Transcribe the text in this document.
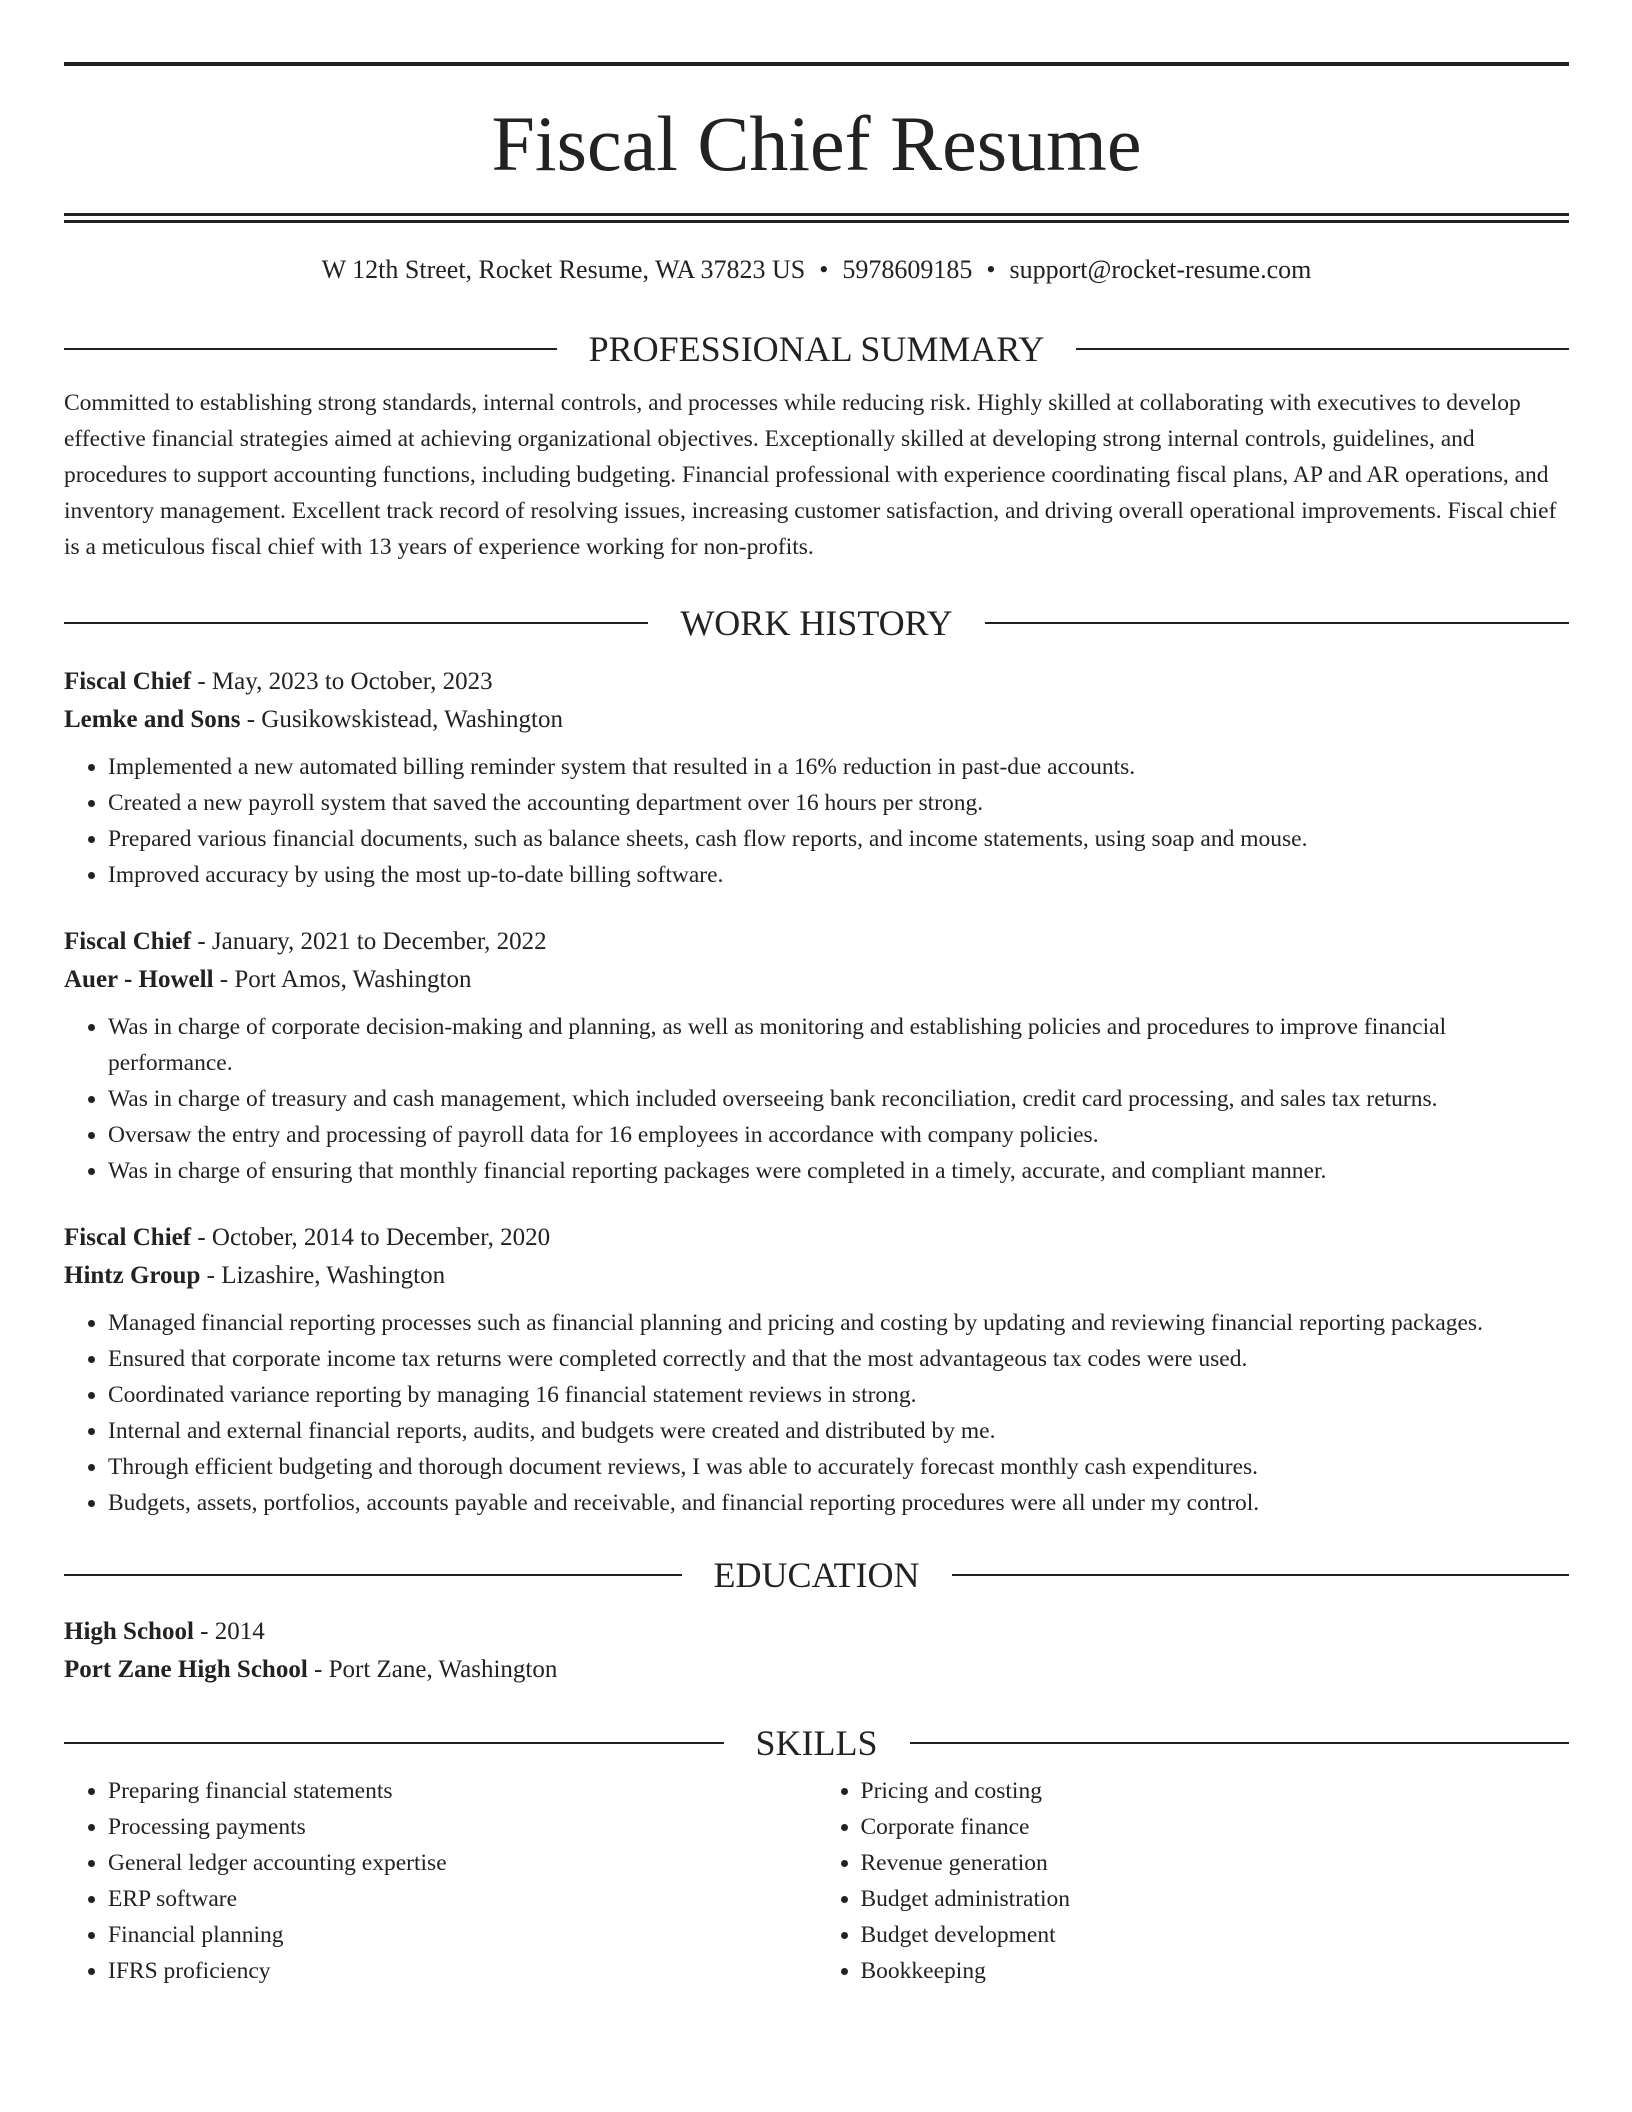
Fiscal Chief Resume
W 12th Street, Rocket Resume, WA 37823 US • 5978609185 • support@rocket-resume.com
PROFESSIONAL SUMMARY

Committed to establishing strong standards, internal controls, and processes while reducing risk. Highly skilled at collaborating with executives to develop effective financial strategies aimed at achieving organizational objectives. Exceptionally skilled at developing strong internal controls, guidelines, and procedures to support accounting functions, including budgeting. Financial professional with experience coordinating fiscal plans, AP and AR operations, and inventory management. Excellent track record of resolving issues, increasing customer satisfaction, and driving overall operational improvements. Fiscal chief is a meticulous fiscal chief with 13 years of experience working for non-profits.

WORK HISTORY
Fiscal Chief - May, 2023 to October, 2023
Lemke and Sons - Gusikowskistead, Washington
• Implemented a new automated billing reminder system that resulted in a 16% reduction in past-due accounts.
• Created a new payroll system that saved the accounting department over 16 hours per strong.
• Prepared various financial documents, such as balance sheets, cash flow reports, and income statements, using soap and mouse.
• Improved accuracy by using the most up-to-date billing software.
Fiscal Chief - January, 2021 to December, 2022
Auer - Howell - Port Amos, Washington
• Was in charge of corporate decision-making and planning, as well as monitoring and establishing policies and procedures to improve financial performance.
• Was in charge of treasury and cash management, which included overseeing bank reconciliation, credit card processing, and sales tax returns.
• Oversaw the entry and processing of payroll data for 16 employees in accordance with company policies.
• Was in charge of ensuring that monthly financial reporting packages were completed in a timely, accurate, and compliant manner.
Fiscal Chief - October, 2014 to December, 2020
Hintz Group - Lizashire, Washington
• Managed financial reporting processes such as financial planning and pricing and costing by updating and reviewing financial reporting packages.
• Ensured that corporate income tax returns were completed correctly and that the most advantageous tax codes were used.
• Coordinated variance reporting by managing 16 financial statement reviews in strong.
• Internal and external financial reports, audits, and budgets were created and distributed by me.
• Through efficient budgeting and thorough document reviews, I was able to accurately forecast monthly cash expenditures.
• Budgets, assets, portfolios, accounts payable and receivable, and financial reporting procedures were all under my control.
EDUCATION
High School - 2014
Port Zane High School - Port Zane, Washington
SKILLS
• Preparing financial statements
• Processing payments
• General ledger accounting expertise
• ERP software
• Financial planning
• IFRS proficiency
• Pricing and costing
• Corporate finance
• Revenue generation
• Budget administration
• Budget development
• Bookkeeping
